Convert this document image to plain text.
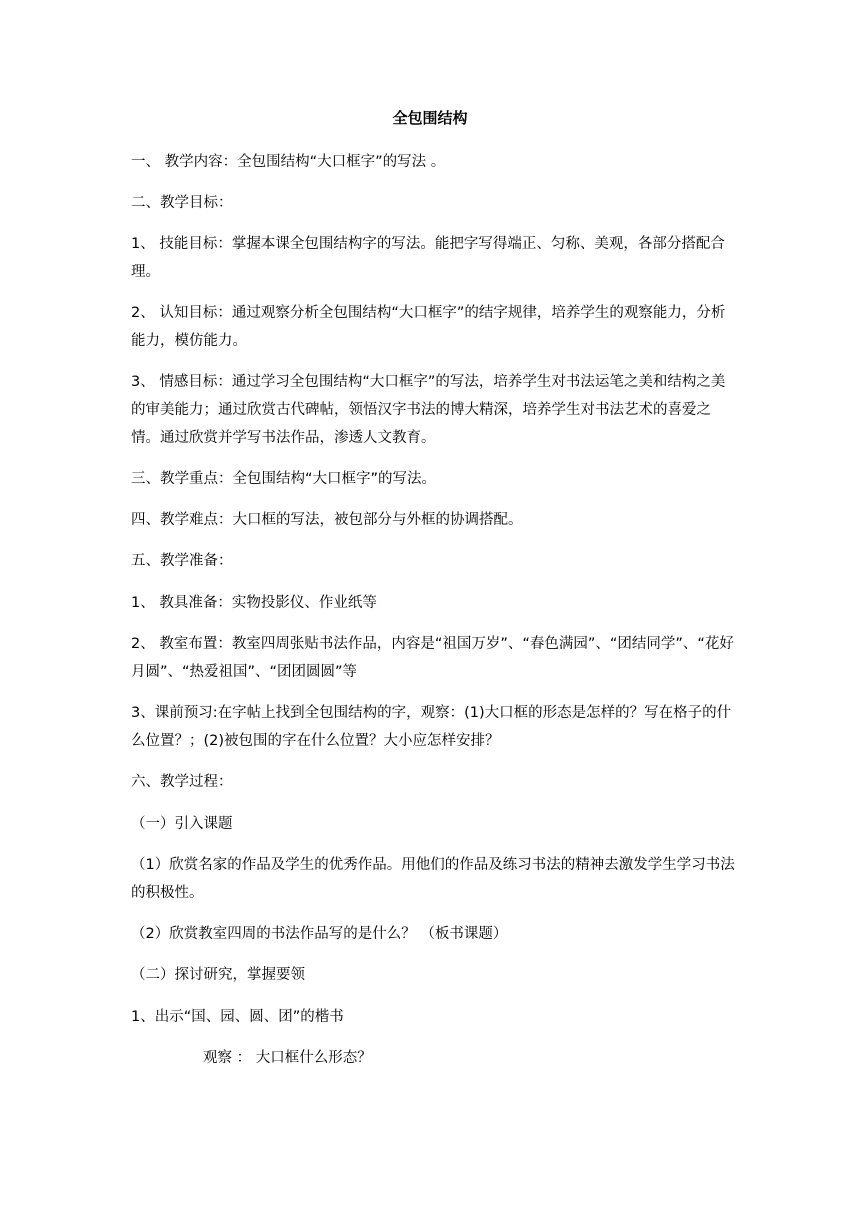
全包围结构
一、 教学内容：全包围结构“大口框字”的写法 。
二、教学目标：
1、 技能目标：掌握本课全包围结构字的写法。能把字写得端正、匀称、美观，各部分搭配合理。
2、 认知目标：通过观察分析全包围结构“大口框字”的结字规律，培养学生的观察能力，分析能力，模仿能力。
3、 情感目标：通过学习全包围结构“大口框字”的写法，培养学生对书法运笔之美和结构之美的审美能力；通过欣赏古代碑帖，领悟汉字书法的博大精深，培养学生对书法艺术的喜爱之情。通过欣赏并学写书法作品，渗透人文教育。
三、教学重点：全包围结构“大口框字”的写法。
四、教学难点：大口框的写法，被包部分与外框的协调搭配。
五、教学准备：
1、 教具准备：实物投影仪、作业纸等
2、 教室布置：教室四周张贴书法作品，内容是“祖国万岁”、“春色满园”、“团结同学”、“花好月圆”、“热爱祖国”、“团团圆圆”等
3、课前预习:在字帖上找到全包围结构的字，观察：(1)大口框的形态是怎样的？写在格子的什么位置？；(2)被包围的字在什么位置？大小应怎样安排？
六、教学过程：
（一）引入课题
（1）欣赏名家的作品及学生的优秀作品。用他们的作品及练习书法的精神去激发学生学习书法的积极性。
（2）欣赏教室四周的书法作品写的是什么？ （板书课题）
（二）探讨研究，掌握要领
1、出示“国、园、圆、团”的楷书
观察 ： 大口框什么形态？
